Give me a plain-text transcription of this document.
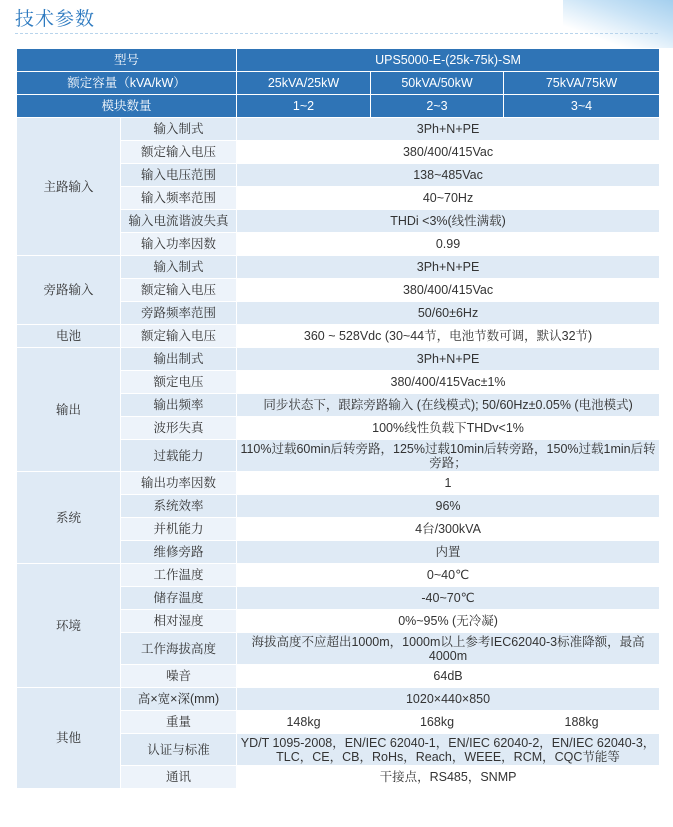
技术参数
型号		UPS5000-E-(25k-75k)-SM		
额定容量（kVA/kW）		25kVA/25kW	50kVA/50kW	75kVA/75kW
模块数量		1~2	2~3	3~4
主路输入	输入制式	3Ph+N+PE		
	额定输入电压	380/400/415Vac		
	输入电压范围	138~485Vac		
	输入频率范围	40~70Hz		
	输入电流谐波失真	THDi <3%(线性满载)		
	输入功率因数	0.99		
旁路输入	输入制式	3Ph+N+PE		
	额定输入电压	380/400/415Vac		
	旁路频率范围	50/60±6Hz		
电池	额定输入电压	360 ~ 528Vdc (30~44节，电池节数可调，默认32节)		
输出	输出制式	3Ph+N+PE		
	额定电压	380/400/415Vac±1%		
	输出频率	同步状态下，跟踪旁路输入 (在线模式); 50/60Hz±0.05% (电池模式)		
	波形失真	100%线性负载下THDv<1%		
	过载能力	110%过载60min后转旁路，125%过载10min后转旁路，150%过载1min后转旁路；		
系统	输出功率因数	1		
	系统效率	96%		
	并机能力	4台/300kVA		
	维修旁路	内置		
环境	工作温度	0~40℃		
	储存温度	-40~70℃		
	相对湿度	0%~95% (无冷凝)		
	工作海拔高度	海拔高度不应超出1000m，1000m以上参考IEC62040-3标准降额，最高4000m		
	噪音	64dB		
其他	高×宽×深(mm)	1020×440×850		
	重量	148kg	168kg	188kg
	认证与标准	YD/T 1095-2008，EN/IEC 62040-1，EN/IEC 62040-2，EN/IEC 62040-3，TLC，CE，CB，RoHs，Reach，WEEE，RCM，CQC节能等		
	通讯	干接点，RS485，SNMP		
